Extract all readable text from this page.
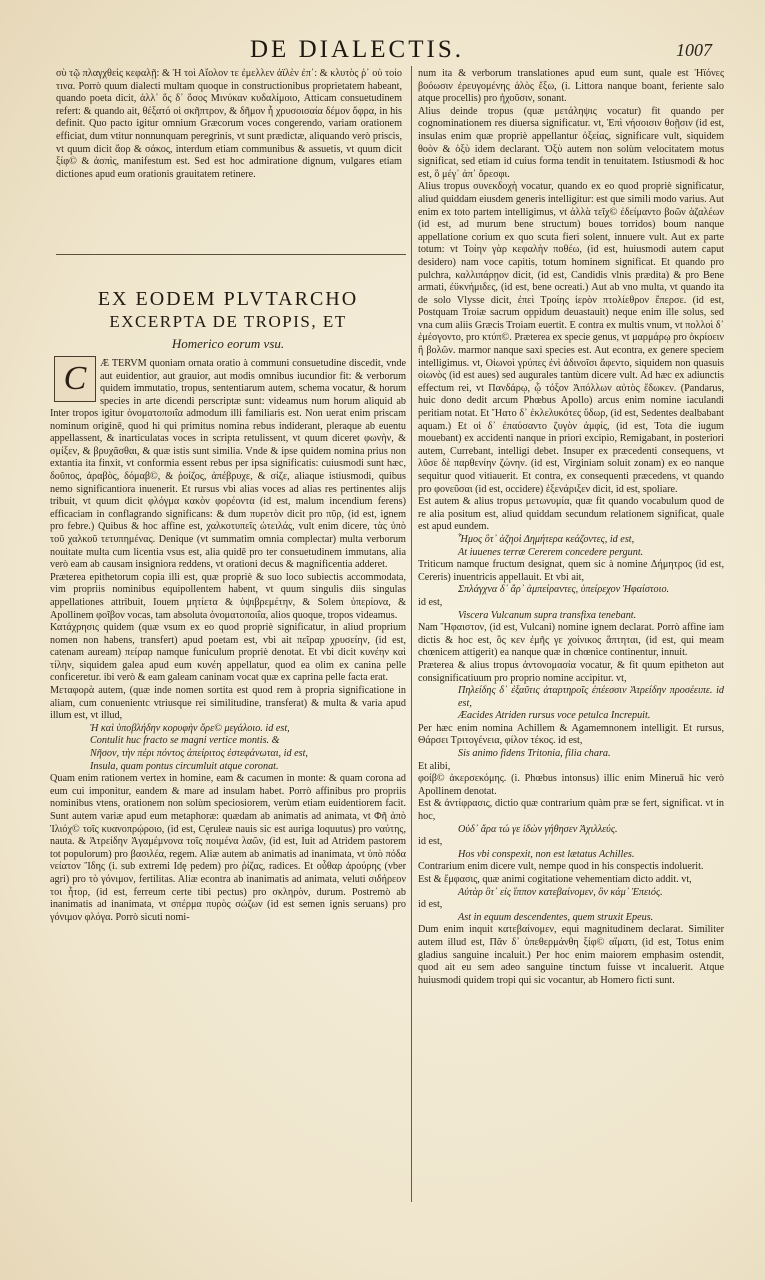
DE DIALECTIS.	1007

σὺ τῷ πλαγχθεὶς κεφαλῇ: & Ἠ τοὶ Αἴολον τε ἐμελλεν ἀϊλὲν ἐπ᾽: & κλυτὸς ῥ᾽ οὐ τοίο τινα. Porrò quum dialecti multam quoque in constructionibus proprietatem habeant, quando poeta dicit, ἀλλ᾽ ὅς δ᾽ ὅσος Μινύκαν κυδαλίμοιο, Atticam consuetudinem refert: & quando ait, θέξατό οἱ σκῆπτρον, & δῆμον ἦ χρυσοισαία δέμον ὄφρα, in his definit. Quo pacto igitur omnium Græcorum voces congerendo, variam orationem efficiat, dum vtitur nonnunquam peregrinis, vt sunt prædictæ, aliquando verò priscis, vt quum dicit ἄορ & σάκος, interdum etiam communibus & assuetis, vt quum dicit ξίφ© & ἀσπὶς, manifestum est. Sed est hoc admiratione dignum, vulgares etiam dictiones apud eum orationis grauitatem retinere.

EX EODEM PLVTARCHO
EXCERPTA DE TROPIS, ET
Homerico eorum vsu.
C Æ TERVM quoniam ornata oratio à communi consuetudine discedit, vnde aut euidentior, aut grauior, aut modis omnibus iucundior fit: & verborum quidem immutatio, tropus, sententiarum autem, schema vocatur, & horum species in arte dicendi perscriptæ sunt: videamus num horum aliquid ab

Inter tropos igitur ὀνοματοποιΐα admodum illi familiaris est. Non uerat enim priscam nominum originē, quod hi qui primitus nomina rebus indiderant, pleraque ab euentu appellassent, & inarticulatas voces in scripta retulissent, vt quum diceret φωνὴν, & σμίξεν, & βρυχᾶσθαι, & quæ istis sunt similia. Vnde & ipse quidem nomina prius non extantia ita finxit, vt conformia essent rebus per ipsa significatis: cuiusmodi sunt hæc, δοῦπος, ἀραβὸς, δόμαβ©, & ῥοίζος, ἀπέβρυχε, & σίζε, aliaque istiusmodi, quibus nemo significantiora inuenerit. Et rursus vbi alias voces ad alias res pertinentes alijs tribuit, vt quum dicit φλόγμα κακὸν φορέοντα (id est, malum incendium ferens) efficaciam in conflagrando significans: & dum πυρετὸν dicit pro πῦρ, (id est, ignem pro febre.) Quibus & hoc affine est, χαλκοτυπεῖς ὠτειλάς, vult enim dicere, τὰς ὑπὸ τοῦ χαλκοῦ τετυπημένας. Denique (vt summatim omnia complectar) multa verborum nouitate multa cum licentia vsus est, alia quidē pro ter consuetudinem immutans, alia verò eam ab causam insigniora reddens, vt orationi decus & magnificentia adderet.
Præterea epithetorum copia illi est, quæ propriè & suo loco subiectis accommodata, vim propriis nominibus equipollentem habent, vt quum singulis diis singulas appellationes attribuit, Iouem μητίετα & ὑψιβρεμέτην, & Solem ὑπερίονα, & Apollinem φοῖβον vocas, tam absoluta ὀνοματοποιΐα, alios quoque, tropos videamus.
Κατάχρησις quidem (quæ vsum ex eo quod propriè significatur, in aliud proprium nomen non habens, transfert) apud poetam est, vbi ait πεῖραρ χρυσείην, (id est, catenam auream) πείραρ namque funiculum propriè denotat. Et vbi dicit κυνέην καὶ τίλην, siquidem galea apud eum κυνέη appellatur, quod ea olim ex canina pelle conficeretur. ibi verò & eam galeam caninam vocat quæ ex caprina pelle facta erat.
Μεταφορὰ autem, (quæ inde nomen sortita est quod rem à propria significatione in aliam, cum conuenientc vtriusque rei similitudine, transferat) & multa & varia apud illum est, vt illud,

Ἠ καὶ ὑποβλήδην κορυφὴν ὄρε© μεγάλοιο. id est,
Contulit huc fracto se magni vertice montis. &
Νῆσον, τὴν πέρι πόντος ἀπείριτος ἐστεφάνωται, id est,
Insula, quam pontus circumluit atque coronat.

Quam enim rationem vertex in homine, eam & cacumen in monte: & quam corona ad eum cui imponitur, eandem & mare ad insulam habet. Porrò affinibus pro propriis nominibus vtens, orationem non solùm speciosiorem, verùm etiam euidentiorem facit. Sunt autem variæ apud eum metaphoræ: quædam ab animatis ad animata, vt Φῆ ἀπὸ Ἰλιόχ© τοῖς κυανοπρῴροιο, (id est, Cęruleæ nauis sic est auriga loquutus) pro ναύτης, nauta. & Ἀτρείδην Ἀγαμέμνονα τοῖς ποιμένα λαῶν, (id est, Iuit ad Atridem pastorem tot populorum) pro βασιλέα, regem. Aliæ autem ab animatis ad inanimata, vt ὑπὸ πόδα νείατον Ἴδης (i. sub extremi Idę pedem) pro ῥίζας, radices. Et οὖθαρ ἀρούρης (vber agri) pro τὸ γόνιμον, fertilitas. Aliæ econtra ab inanimatis ad animata, veluti σιδήρεον τοι ἦτορ, (id est, ferreum certe tibi pectus) pro σκληρὸν, durum. Postremò ab inanimatis ad inanimata, vt σπέρμα πυρὸς σώζων (id est semen ignis seruans) pro γόνιμον φλόγα. Porrò sicuti nomi-

num ita & verborum translationes apud eum sunt, quale est Ἠϊόνες βοόωσιν ἐρευγομένης ἁλὸς ἔξω, (i. Littora nanque boant, feriente salo atque procellis) pro ἠχοῦσιν, sonant.
Alius deinde tropus (quæ μετάληψις vocatur) fit quando per cognominationem res diuersa significatur. vt, Ἐπὶ νήσοισιν θοῇσιν (id est, insulas enim quæ propriè appellantur ὀξείας, significare vult, siquidem θοὸν & ὀξὺ idem declarant. Ὀξὺ autem non solùm velocitatem motus significat, sed etiam id cuius forma tendit in tenuitatem. Istiusmodi & hoc est, ὃ μέγ᾽ ἀπ᾽ ὄρεσφι.
Alius tropus συνεκδοχὴ vocatur, quando ex eo quod propriè significatur, aliud quiddam eiusdem generis intelligitur: est que simili modo varius. Aut enim ex toto partem intelligimus, vt ἀλλὰ τεῖχ© ἐδείμαντο βοῶν ἀζαλέων (id est, ad murum bene structum) boues torridos) boum nanque appellatione corium ex quo scuta fieri solent, innuere vult. Aut ex parte totum: vt Τοίην γὰρ κεφαλὴν ποθέω, (id est, huiusmodi autem caput desidero) nam voce capitis, totum hominem significat. Et quando pro pulchra, καλλιπάρῃον dicit, (id est, Candidis vlnis prædita) & pro Bene armati, ἐϋκνήμιδες, (id est, bene ocreati.) Aut ab vno multa, vt quando ita de solo Vlysse dicit, ἐπεὶ Τροίης ἱερὸν πτολίεθρον ἔπερσε. (id est, Postquam Troiæ sacrum oppidum deuastauit) neque enim ille solus, sed vna cum aliis Græcis Troiam euertit. E contra ex multis vnum, vt πολλοὶ δ᾽ ἐμέσγοντο, pro κτύπ©. Præterea ex specie genus, vt μαρμάρῳ pro ὀκρίοειν ἢ βολῶν. marmor nanque saxi species est. Aut econtra, ex genere speciem intelligimus. vt, Οἰωνοὶ γρύπες ἐνὶ ἀδινοῖσι ἄφεντο, siquidem non quasuis οἰωνὸς (id est aues) sed augurales tantùm dicere vult. Ad hæc ex adiunctis effectum rei, vt Πανδάρῳ, ᾧ τόξον Ἀπόλλων αὐτὸς ἔδωκεν. (Pandarus, huic dono dedit arcum Phœbus Apollo) arcus enim nomine iaculandi peritiam notat. Et Ἥατο δ᾽ ἐκλελυκότες ὕδωρ, (id est, Sedentes dealbabant aquam.) Et οἱ δ᾽ ἐπαύσαντο ζυγὸν ἀμφίς, (id est, Tota die iugum mouebant) ex accidenti nanque in priori excipio, Remigabant, in posteriori autem, Currebant, intelligi debet. Insuper ex præcedenti consequens, vt λῦσε δὲ παρθενίην ζώνην. (id est, Virginiam soluit zonam) ex eo nanque sequitur quod vitiauerit. Et contra, ex consequenti præcedens, vt quando pro φονεῦσαι (id est, occidere) ἐξενάριξεν dicit, id est, spoliare.
Est autem & alius tropus μετωνυμία, quæ fit quando vocabulum quod de re alia positum est, aliud quiddam secundum relationem significat, quale est apud eundem.

Ἦμος ὃτ᾽ ἀζηοὶ Δημήτερα κεάζοντες, id est,
At iuuenes terræ Cererem concedere pergunt.

Triticum namque fructum designat, quem sic à nomine Δήμητρος (id est, Cereris) inuentricis appellauit. Et vbi ait,

Σπλάγχνα δ᾽ ἄρ᾽ ἀμπείραντες, ὑπείρεχον Ἡφαίστοιο.
id est,
Viscera Vulcanum supra transfixa tenebant.

Nam Ἥφαιστον, (id est, Vulcani) nomine ignem declarat. Porrò affine iam dictis & hoc est, ὃς κεν ἐμῆς γε χοίνικος ἅπτηται, (id est, qui meam chœnicem attigerit) ea nanque quæ in chœnice continentur, innuit.
Præterea & alius tropus ἀντονομασία vocatur, & fit quum epitheton aut consignificatiuum pro proprio nomine accipitur. vt,

Πηλείδης δ᾽ ἐξαῦτις ἀταρτηροῖς ἐπέεσσιν Ἀτρείδην προσέειπε. id est,
Æacides Atriden rursus voce petulca Increpuit.

Per hæc enim nomina Achillem & Agamemnonem intelligit. Et rursus, Θάρσει Τριτογένεια, φίλον τέκος. id est,

Sis animo fidens Tritonia, filia chara.

Et alibi,
φοίβ© ἀκερσεκόμης. (i. Phœbus intonsus) illic enim Mineruā hic verò Apollinem denotat.
Est & ἀντίφρασις, dictio quæ contrarium quàm præ se fert, significat. vt in hoc,

Οὐδ᾽ ἄρα τώ γε ἰδὼν γήθησεν Ἀχιλλεύς.
id est,
Hos vbi conspexit, non est lætatus Achilles.

Contrarium enim dicere vult, nempe quod in his conspectis indoluerit.
Est & ἔμφασις, quæ animi cogitatione vehementiam dicto addit. vt,

Αὐτὰρ ὃτ᾽ εἰς ἵππον κατεβαίνομεν, ὃν κάμ᾽ Ἐπειός.
id est,
Ast in equum descendentes, quem struxit Epeus.

Dum enim inquit κατεβαίνομεν, equi magnitudinem declarat. Similiter autem illud est, Πᾶν δ᾽ ὑπεθερμάνθη ξίφ© αἵματι, (id est, Totus enim gladius sanguine incaluit.) Per hoc enim maiorem emphasim ostendit, quod ait eu sem adeo sanguine tinctum fuisse vt incaluerit. Atque huiusmodi quidem tropi qui sic vocantur, ab Homero ficti sunt.
